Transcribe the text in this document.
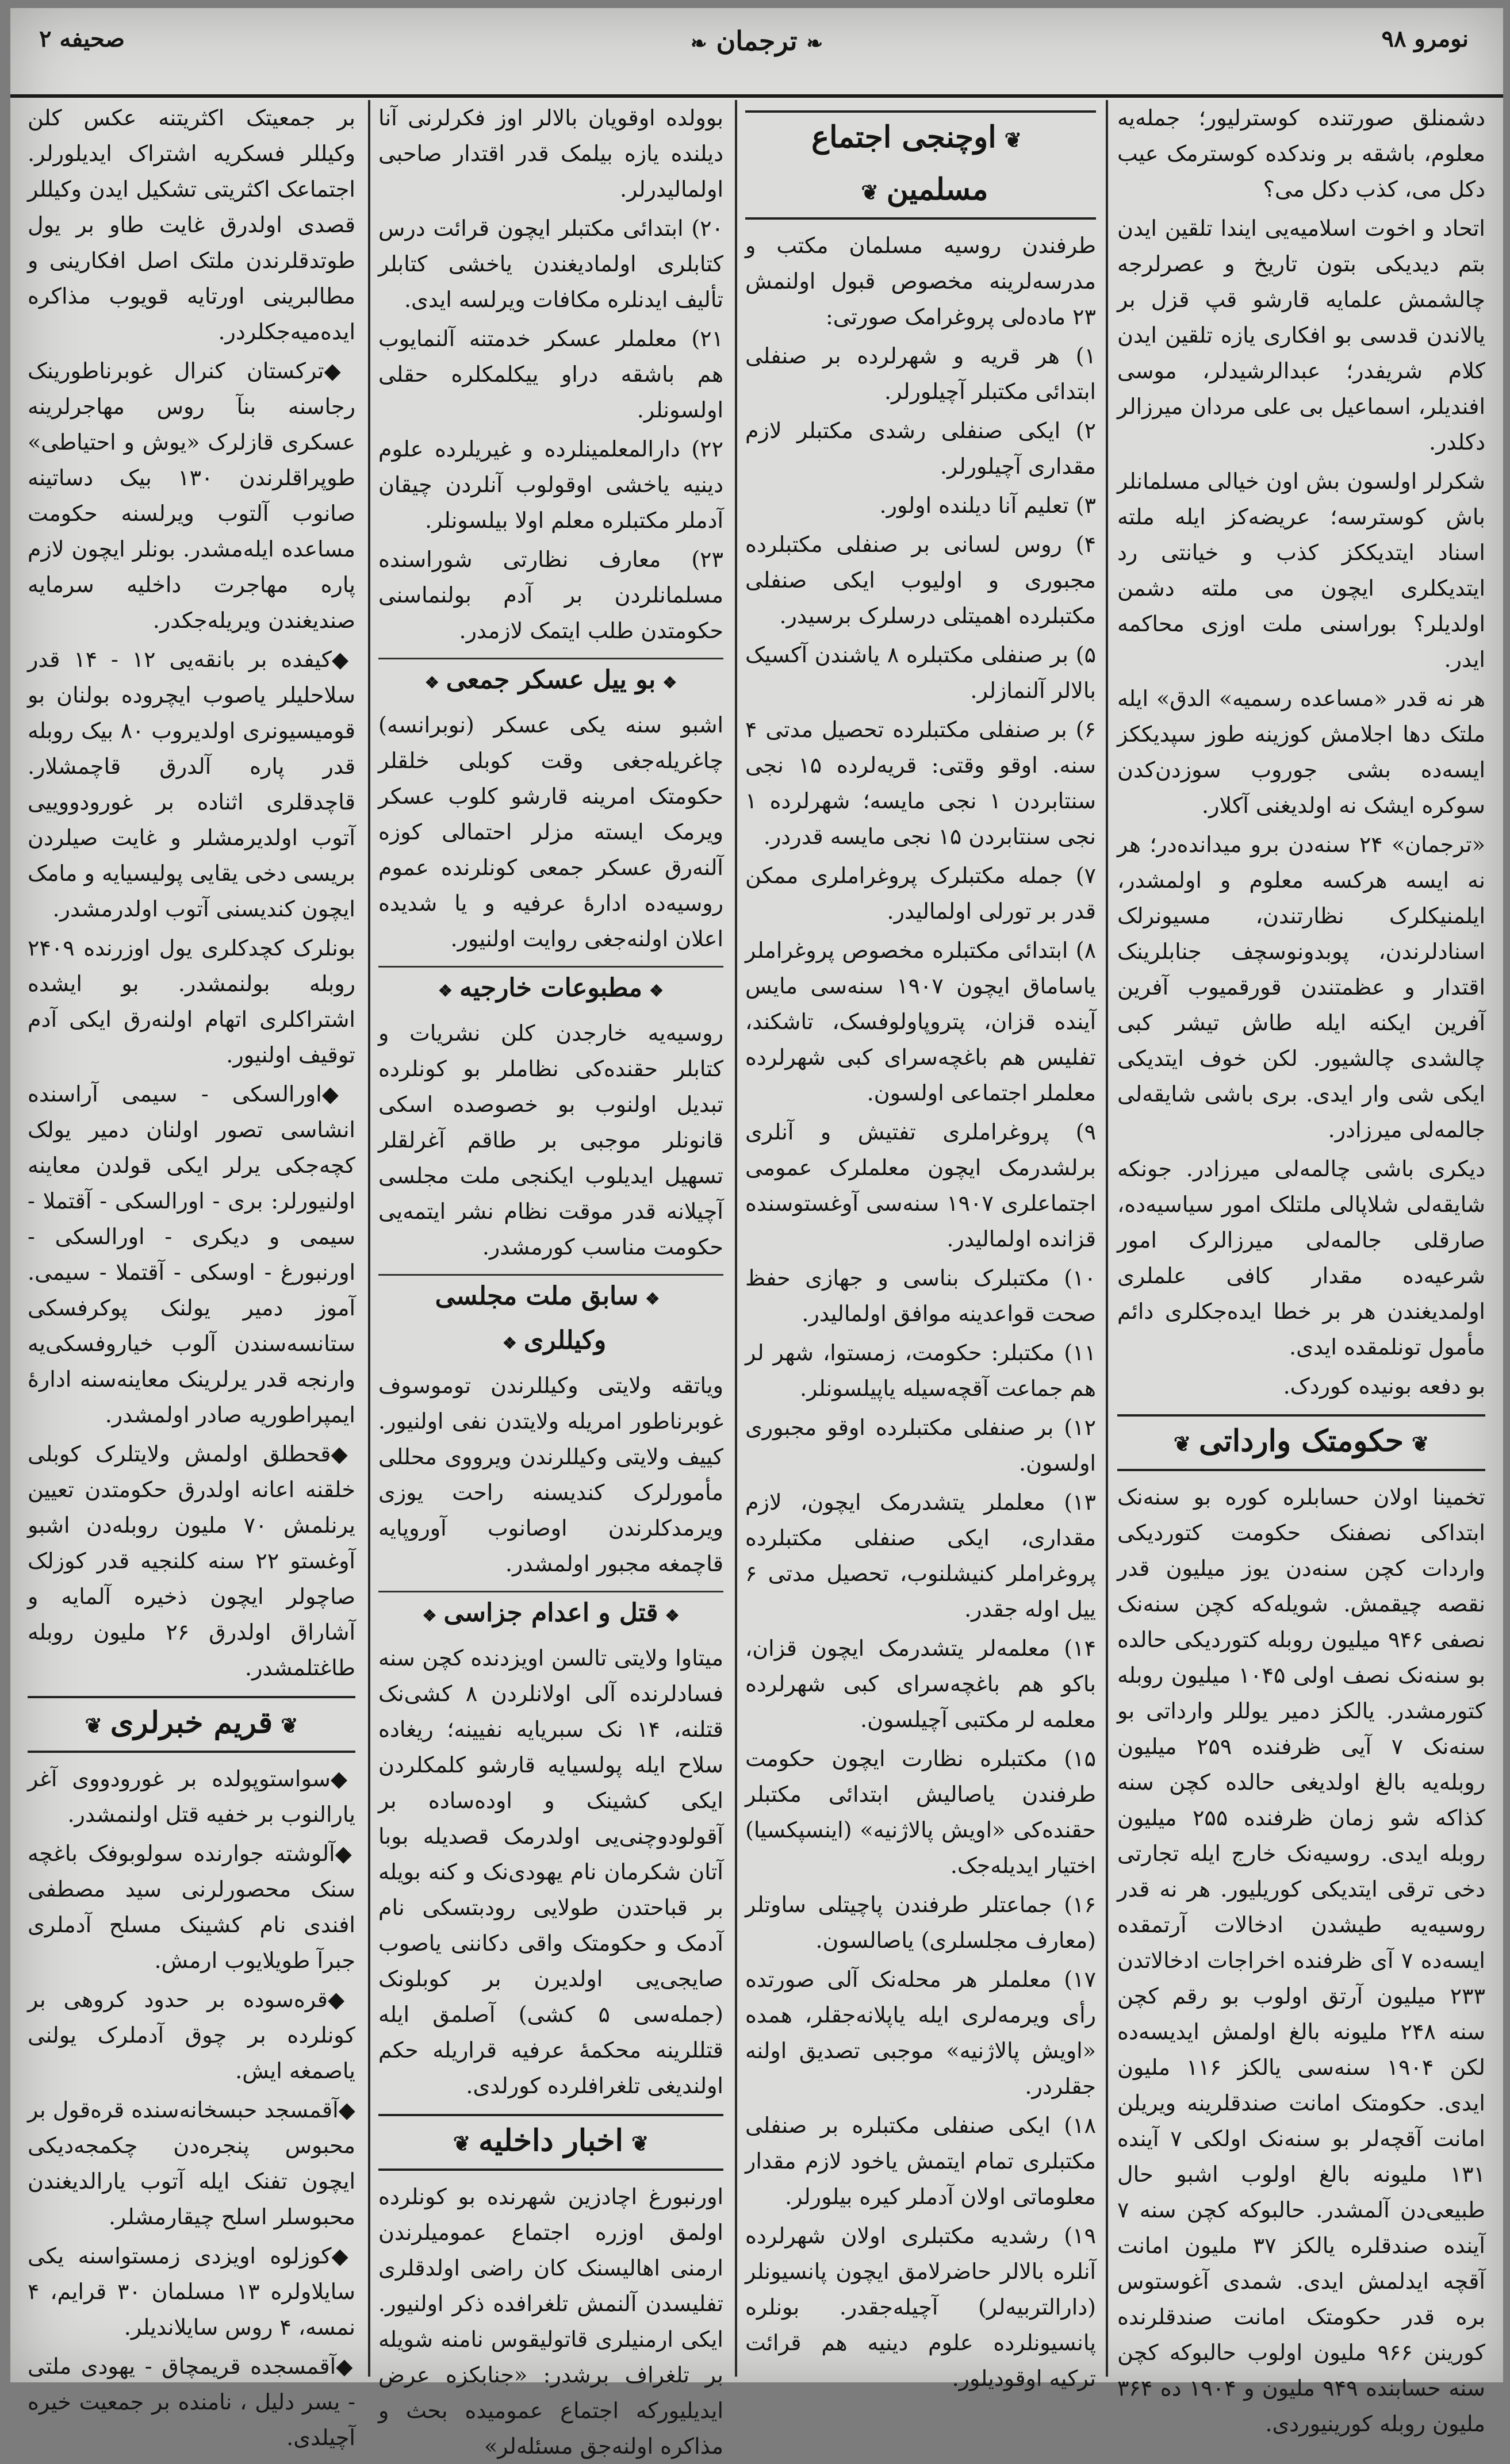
صحيفه ۲
❧	ترجمان ❧	نومرو ۹۸
دشمنلق صورتنده کوسترلیور؛ جمله‌یه معلوم، باشقه بر وندکده کوسترمک عیب دکل می، کذب دکل می؟
اتحاد و اخوت اسلامیه‌یی ایندا تلقین ایدن بتم دیدیکی بتون تاریخ و عصرلرجه چالشمش علمایه قارشو قپ قزل بر یالاندن قدسی بو افکاری یازه تلقین ایدن کلام شریفدر؛ عبدالرشیدلر، موسی افندیلر، اسماعیل بی علی مردان میرزالر دکلدر.
شکرلر اولسون بش اون خیالی مسلمانلر باش کوسترسه؛ عریضه‌کز ایله ملته اسناد ایتدیککز کذب و خیانتی رد ایتدیکلری ایچون می ملته دشمن اولدیلر؟ بوراسنی ملت اوزی محاکمه ایدر.
هر نه قدر «مساعده رسمیه» الدق» ایله ملتک دها اجلامش کوزینه طوز سپدیککز ایسه‌ده بشی جوروب سوزدن‌کدن سوکره ایشک نه اولدیغنی آکلار.
«ترجمان» ۲۴ سنه‌دن برو میدانده‌در؛ هر نه ایسه هرکسه معلوم و اولمشدر، ایلمنیکلرک نظارتندن، مسیونرلک اسنادلرندن، پوبدونوسچف جنابلرینک اقتدار و عظمتندن قورقمیوب آفرین آفرین ایکنه ایله طاش تیشر کبی چالشدی چالشیور. لکن خوف ایتدیکی ایکی شی وار ایدی. بری باشی شایقه‌لی جالمه‌لی میرزادر.
دیکری باشی چالمه‌لی میرزادر. جونکه شایقه‌لی شلاپالی ملتلک امور سیاسیه‌ده، صارقلی جالمه‌لی میرزالرک امور شرعیه‌ده مقدار کافی علملری اولمدیغندن هر بر خطا ایده‌جکلری دائم مأمول تونلمقده ایدی.
بو دفعه بونیده کوردک.
❦ حکومتک وارداتی ❦
تخمینا اولان حسابلره کوره بو سنه‌نک ابتداکی نصفنک حکومت کتوردیکی واردات کچن سنه‌دن یوز میلیون قدر نقصه چیقمش. شویله‌که کچن سنه‌نک نصفی ۹۴۶ میلیون روبله کتوردیکی حالده بو سنه‌نک نصف اولی ۱۰۴۵ میلیون روبله کتورمشدر. یالکز دمیر یوللر وارداتی بو سنه‌نک ۷ آیی ظرفنده ۲۵۹ میلیون روبله‌یه بالغ اولدیغی حالده کچن سنه کذاکه شو زمان ظرفنده ۲۵۵ میلیون روبله ایدی. روسیه‌نک خارج ایله تجارتی دخی ترقی ایتدیکی کوریلیور. هر نه قدر روسیه‌یه طیشدن ادخالات آرتمقده ایسه‌ده ۷ آی ظرفنده اخراجات ادخالاتدن ۲۳۳ میلیون آرتق اولوب بو رقم کچن سنه ۲۴۸ ملیونه بالغ اولمش ایدیسه‌ده لکن ۱۹۰۴ سنه‌سی یالکز ۱۱۶ ملیون ایدی. حکومتک امانت صندقلرینه ویریلن امانت آقچه‌لر بو سنه‌نک اولکی ۷ آینده ۱۳۱ ملیونه بالغ اولوب اشبو حال طبیعی‌دن آلمشدر. حالبوکه کچن سنه ۷ آینده صندقلره یالکز ۳۷ ملیون امانت آقچه ایدلمش ایدی. شمدی آغوستوس بره قدر حکومتک امانت صندقلرنده کورینن ۹۶۶ ملیون اولوب حالبوکه کچن سنه حسابنده ۹۴۹ ملیون و ۱۹۰۴ ده ۳۶۴ ملیون روبله کورینیوردی.
❦ اوچنجی اجتماع مسلمین ❦
طرفندن روسیه مسلمان مکتب و مدرسه‌لرینه مخصوص قبول اولنمش ۲۳ ماده‌لی پروغرامک صورتی:
۱) هر قریه و شهرلرده بر صنفلی ابتدائی مکتبلر آچیلورلر.
۲) ایکی صنفلی رشدی مکتبلر لازم مقداری آچیلورلر.
۳) تعلیم آنا دیلنده اولور.
۴) روس لسانی بر صنفلی مکتبلرده مجبوری و اولیوب ایکی صنفلی مکتبلرده اهمیتلی درسلرک برسیدر.
۵) بر صنفلی مکتبلره ۸ یاشندن آکسیک بالالر آلنمازلر.
۶) بر صنفلی مکتبلرده تحصیل مدتی ۴ سنه. اوقو وقتی: قریه‌لرده ۱۵ نجی سنتابردن ۱ نجی مایسه؛ شهرلرده ۱ نجی سنتابردن ۱۵ نجی مایسه قدردر.
۷) جمله مکتبلرک پروغراملری ممکن قدر بر تورلی اولمالیدر.
۸) ابتدائی مکتبلره مخصوص پروغراملر یاساماق ایچون ۱۹۰۷ سنه‌سی مایس آینده قزان، پتروپاولوفسک، تاشکند، تفلیس هم باغچه‌سرای کبی شهرلرده معلملر اجتماعی اولسون.
۹) پروغراملری تفتیش و آنلری برلشدرمک ایچون معلملرک عمومی اجتماعلری ۱۹۰۷ سنه‌سی آوغستوسنده قزانده اولمالیدر.
۱۰) مکتبلرک بناسی و جهازی حفظ صحت قواعدینه موافق اولمالیدر.
۱۱) مکتبلر: حکومت، زمستوا، شهر لر هم جماعت آقچه‌سیله یاپیلسونلر.
۱۲) بر صنفلی مکتبلرده اوقو مجبوری اولسون.
۱۳) معلملر یتشدرمک ایچون، لازم مقداری، ایکی صنفلی مکتبلرده پروغراملر کنیشلنوب، تحصیل مدتی ۶ ییل اوله جقدر.
۱۴) معلمه‌لر یتشدرمک ایچون قزان، باکو هم باغچه‌سرای کبی شهرلرده معلمه لر مکتبی آچیلسون.
۱۵) مکتبلره نظارت ایچون حکومت طرفندن یاصالیش ابتدائی مکتبلر حقنده‌کی «اویش پالاژنیه» (اینسپکسیا) اختیار ایدیله‌جک.
۱۶) جماعتلر طرفندن پاچیتلی ساوتلر (معارف مجلسلری) یاصالسون.
۱۷) معلملر هر محله‌نک آلی صورتده رأی ویرمه‌لری ایله یاپلانه‌جقلر، همده «اویش پالاژنیه» موجبی تصدیق اولنه جقلردر.
۱۸) ایکی صنفلی مکتبلره بر صنفلی مکتبلری تمام ایتمش یاخود لازم مقدار معلوماتی اولان آدملر کیره بیلورلر.
۱۹) رشدیه مکتبلری اولان شهرلرده آنلره بالالر حاضرلامق ایچون پانسیونلر (دارالتربیه‌لر) آچیله‌جقدر. بونلره پانسیونلرده علوم دینیه هم قرائت ترکیه اوقودیلور.
بوولده اوقویان بالالر اوز فکرلرنی آنا دیلنده یازه بیلمک قدر اقتدار صاحبی اولمالیدرلر.
۲۰) ابتدائی مکتبلر ایچون قرائت درس کتابلری اولمادیغندن یاخشی کتابلر تألیف ایدنلره مکافات ویرلسه ایدی.
۲۱) معلملر عسکر خدمتنه آلنمایوب هم باشقه دراو ییکلمکلره حقلی اولسونلر.
۲۲) دارالمعلمینلرده و غیریلرده علوم دینیه یاخشی اوقولوب آنلردن چیقان آدملر مکتبلره معلم اولا بیلسونلر.
۲۳) معارف نظارتی شوراسنده مسلمانلردن بر آدم بولنماسنی حکومتدن طلب ایتمک لازمدر.
❖ بو ییل عسکر جمعی ❖
اشبو سنه یکی عسکر (نوبرانسه) چاغریله‌جغی وقت کوبلی خلقلر حکومتک امرینه قارشو کلوب عسکر ویرمک ایسته مزلر احتمالی کوزه آلنه‌رق عسکر جمعی کونلرنده عموم روسیه‌ده ادارهٔ عرفیه و یا شدیده اعلان اولنه‌جغی روایت اولنیور.
❖ مطبوعات خارجیه ❖
روسیه‌یه خارجدن کلن نشریات و کتابلر حقنده‌کی نظاملر بو کونلرده تبدیل اولنوب بو خصوصده اسکی قانونلر موجبی بر طاقم آغرلقلر تسهیل ایدیلوب ایکنجی ملت مجلسی آچیلانه قدر موقت نظام نشر ایتمه‌یی حکومت مناسب کورمشدر.
❖ سابق ملت مجلسی وکیللری ❖
ویاتقه ولایتی وکیللرندن توموسوف غوبرناطور امریله ولایتدن نفی اولنیور. کییف ولایتی وکیللرندن ویرووی محللی مأمورلرک کندیسنه راحت یوزی ویرمدکلرندن اوصانوب آوروپایه قاچمغه مجبور اولمشدر.
❖ قتل و اعدام جزاسی ❖
میتاوا ولایتی تالسن اویزدنده کچن سنه فسادلرنده آلی اولانلردن ۸ کشی‌نک قتلنه، ۱۴ نک سبریایه نفیینه؛ ریغاده سلاح ایله پولسیایه قارشو کلمکلردن ایکی کشینک و اوده‌ساده بر آقولودوچنی‌یی اولدرمک قصدیله بوبا آتان شکرمان نام یهودی‌نک و کنه بویله بر قباحتدن طولایی رودبتسکی نام آدمک و حکومتک واقی دکاننی یاصوب صایجی‌یی اولدیرن بر کوبلونک (جمله‌سی ۵ کشی) آصلمق ایله قتللرینه محکمهٔ عرفیه قراریله حکم اولندیغی تلغرافلرده کورلدی.
❦ اخبار داخلیه ❦
اورنبورغ اچادزین شهرنده بو کونلرده اولمق اوزره اجتماع عمومیلرندن ارمنی اهالیسنک کان راضی اولدقلری تفلیسدن آلنمش تلغرافده ذکر اولنیور. ایکی ارمنیلری قاتولیقوس نامنه شویله بر تلغراف برشدر: «جنابکزه عرض ایدیلیورکه اجتماع عمومیده بحث و مذاکره اولنه‌جق مسئله‌لر»
بر جمعیتک اکثریتنه عکس کلن وکیللر فسکریه اشتراک ایدیلورلر. اجتماعک اکثریتی تشکیل ایدن وکیللر قصدی اولدرق غایت طاو بر یول طوتدقلرندن ملتک اصل افکارینی و مطالبرینی اورتایه قویوب مذاکره ایده‌میه‌جکلردر.
◆ ترکستان کنرال غوبرناطورینک رجاسنه بنآ روس مهاجرلرینه عسکری قازلرک «یوش و احتیاطی» طوپراقلرندن ۱۳۰ بیک دساتینه صانوب آلتوب ویرلسنه حکومت مساعده ایله‌مشدر. بونلر ایچون لازم پاره مهاجرت داخلیه سرمایه صندیغندن ویریله‌جکدر.
◆ کیفده بر بانقه‌یی ۱۲ - ۱۴ قدر سلاحلیلر یاصوب ایچروده بولنان بو قومیسیونری اولدیروب ۸۰ بیک روبله قدر پاره آلدرق قاچمشلار. قاچدقلری اثناده بر غورودووییی آتوب اولدیرمشلر و غایت صیلردن بریسی دخی یقایی پولیسیایه و مامک ایچون کندیسنی آتوب اولدرمشدر.
بونلرک کچدکلری یول اوزرنده ۲۴۰۹ روبله بولنمشدر. بو ایشده اشتراکلری اتهام اولنه‌رق ایکی آدم توقیف اولنیور.
◆ اورالسکی - سیمی آراسنده انشاسی تصور اولنان دمیر یولک کچه‌جکی یرلر ایکی قولدن معاینه اولنیورلر: بری - اورالسکی - آقتملا - سیمی و دیکری - اورالسکی - اورنبورغ - اوسکی - آقتملا - سیمی. آموز دمیر یولنک پوکرفسکی ستانسه‌سندن آلوب خیاروفسکی‌یه وارنجه قدر یرلرینک معاینه‌سنه ادارهٔ ایمپراطوریه صادر اولمشدر.
◆ قحطلق اولمش ولایتلرک کوبلی خلقنه اعانه اولدرق حکومتدن تعیین یرنلمش ۷۰ ملیون روبله‌دن اشبو آوغستو ۲۲ سنه کلنجیه قدر کوزلک صاچولر ایچون ذخیره آلمایه و آشاراق اولدرق ۲۶ ملیون روبله طاغتلمشدر.
❦ قریم خبرلری ❦
◆ سواستوپولده بر غورودووی آغر یارالنوب بر خفیه قتل اولنمشدر.
◆ آلوشته جوارنده سولوبوفک باغچه سنک محصورلرنی سید مصطفی افندی نام کشینک مسلح آدملری جبرآ طویلایوب ارمش.
◆ قره‌سوده بر حدود کروهی بر کونلرده بر چوق آدملرک یولنی یاصمغه ایش.
◆ آقمسجد حبسخانه‌سنده قره‌قول بر محبوس پنجره‌دن چکمجه‌دیکی ایچون تفنک ایله آتوب یارالدیغندن محبوسلر اسلح چیقارمشلر.
◆ کوزلوه اویزدی زمستواسنه یکی سایلاولره ۱۳ مسلمان ۳۰ قرایم، ۴ نمسه، ۴ روس سایلاندیلر.
◆ آقمسجده قریمچاق - یهودی ملتی - یسر دلیل ، نامنده بر جمعیت خیره آچیلدی.
